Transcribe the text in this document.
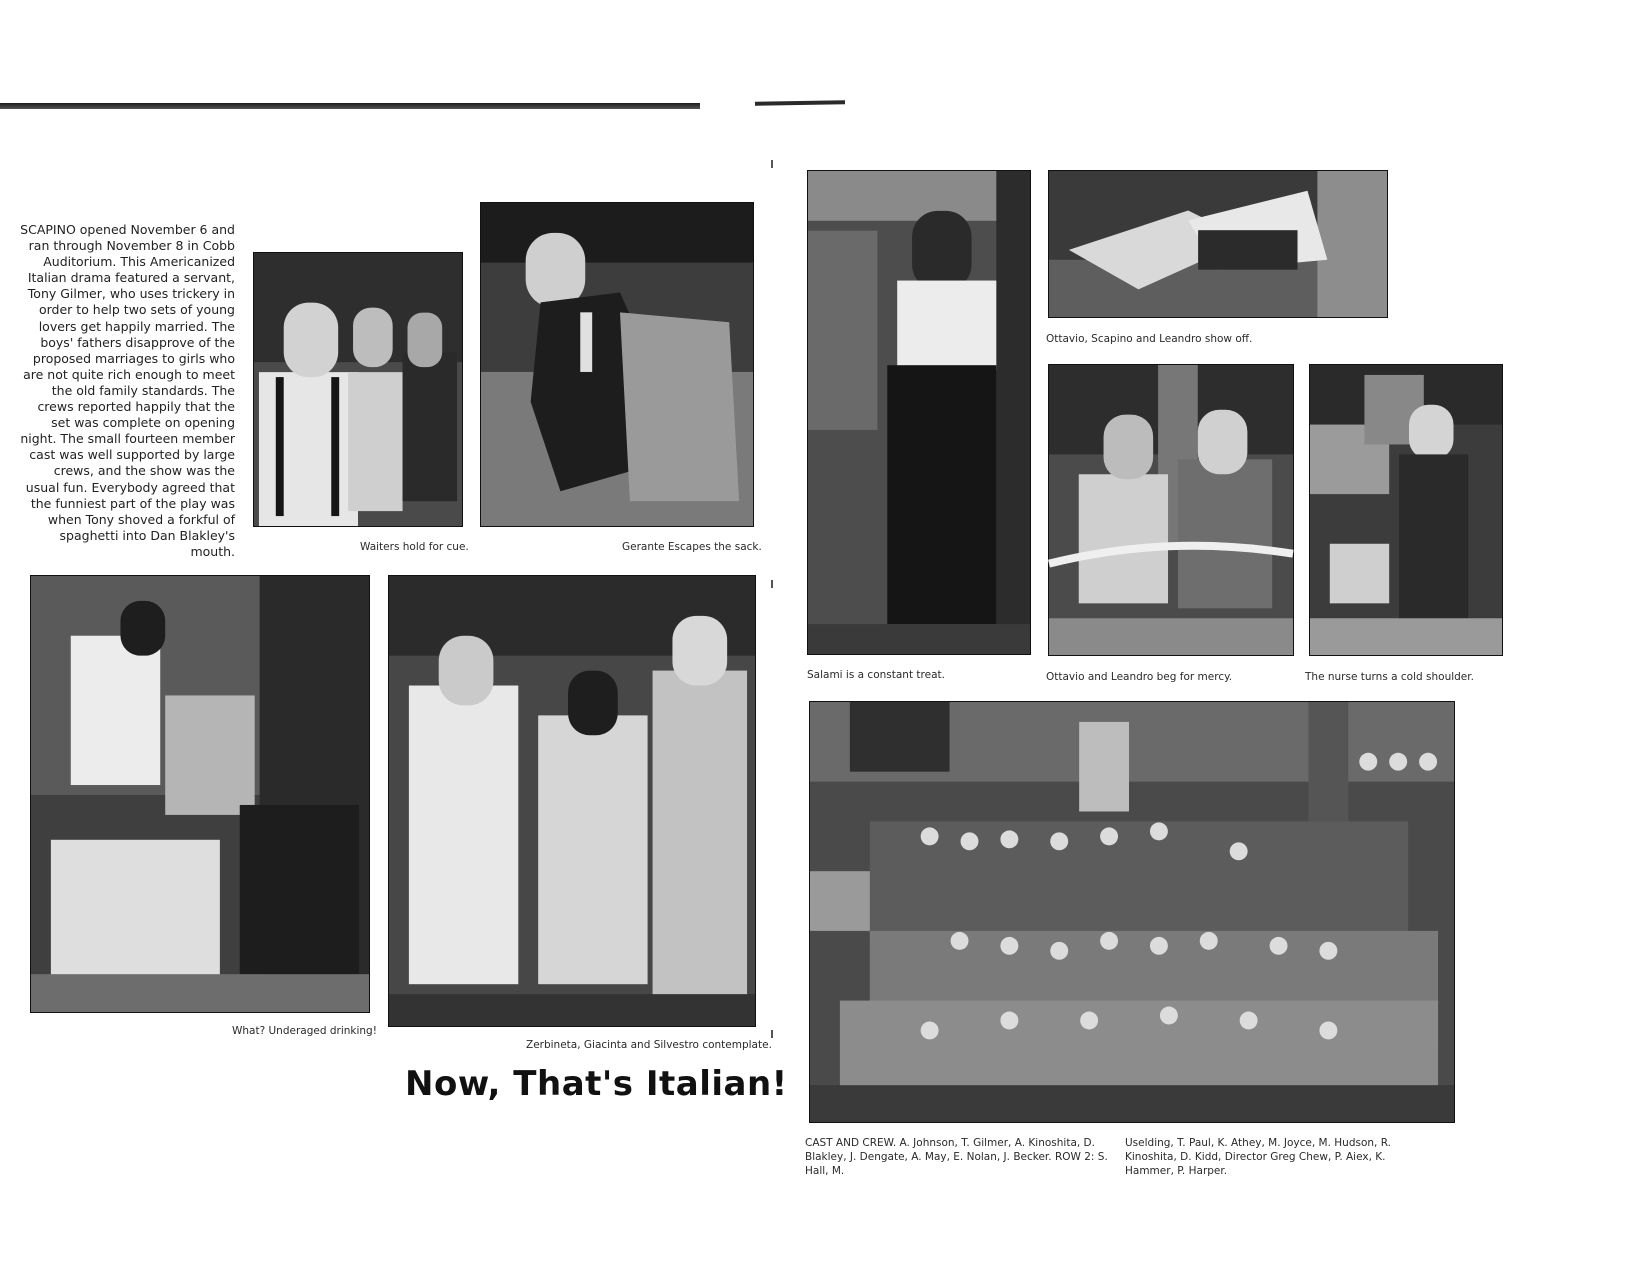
SCAPINO opened November 6 and ran through November 8 in Cobb Auditorium. This Americanized Italian drama featured a servant, Tony Gilmer, who uses trickery in order to help two sets of young lovers get happily married. The boys' fathers disapprove of the proposed marriages to girls who are not quite rich enough to meet the old family standards. The crews reported happily that the set was complete on opening night. The small fourteen member cast was well supported by large crews, and the show was the usual fun. Everybody agreed that the funniest part of the play was when Tony shoved a forkful of spaghetti into Dan Blakley's mouth.	Waiters hold for cue.	Gerante Escapes the sack.
What? Underaged drinking!
Zerbineta, Giacinta and Silvestro contemplate.
Now, That's Italian!
Salami is a constant treat.
Ottavio, Scapino and Leandro show off.
Ottavio and Leandro beg for mercy.	The nurse turns a cold shoulder.
CAST AND CREW. A. Johnson, T. Gilmer, A. Kinoshita, D. Blakley, J. Dengate, A. May, E. Nolan, J. Becker. ROW 2: S. Hall, M.
Uselding, T. Paul, K. Athey, M. Joyce, M. Hudson, R. Kinoshita, D. Kidd, Director Greg Chew, P. Aiex, K. Hammer, P. Harper.
